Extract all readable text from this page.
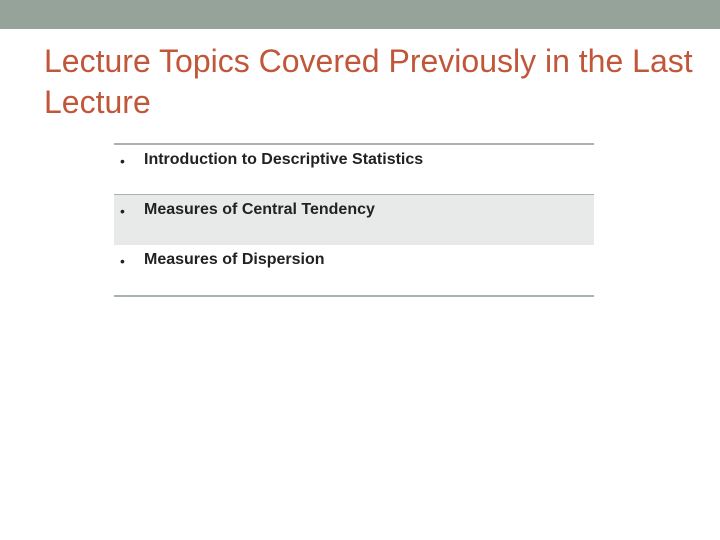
Lecture Topics Covered Previously in the Last Lecture
• Introduction to Descriptive Statistics
• Measures of Central Tendency
• Measures of Dispersion
